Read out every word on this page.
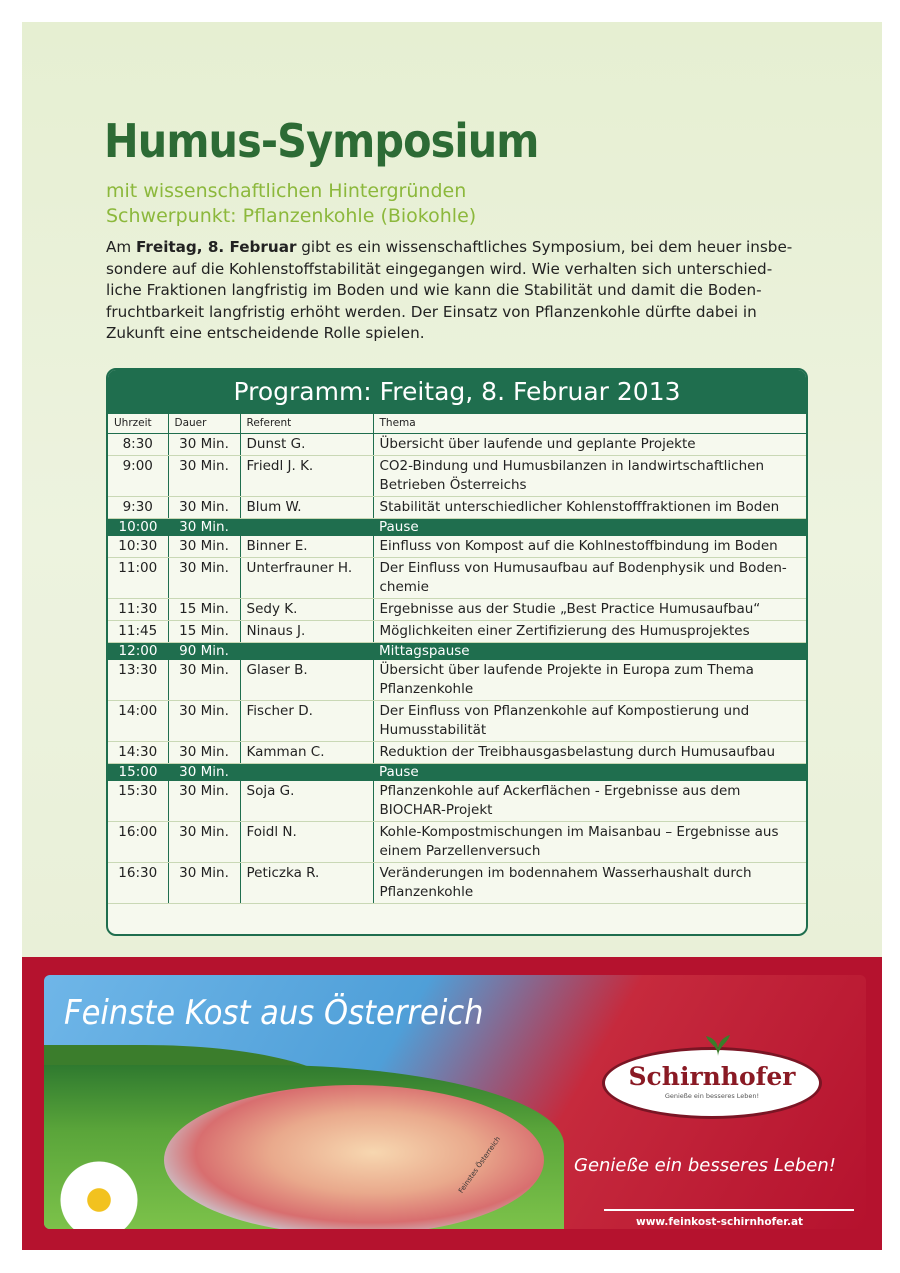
Humus-Symposium
mit wissenschaftlichen Hintergründen
Schwerpunkt: Pflanzenkohle (Biokohle)

Am Freitag, 8. Februar gibt es ein wissenschaftliches Symposium, bei dem heuer insbe-sondere auf die Kohlenstoffstabilität eingegangen wird. Wie verhalten sich unterschied-liche Fraktionen langfristig im Boden und wie kann die Stabilität und damit die Boden-fruchtbarkeit langfristig erhöht werden. Der Einsatz von Pflanzenkohle dürfte dabei in Zukunft eine entscheidende Rolle spielen.

Programm: Freitag, 8. Februar 2013
Uhrzeit	Dauer	Referent	Thema
8:30	30 Min.	Dunst G.	Übersicht über laufende und geplante Projekte
9:00	30 Min.	Friedl J. K.	CO2-Bindung und Humusbilanzen in landwirtschaftlichen Betrieben Österreichs
9:30	30 Min.	Blum W.	Stabilität unterschiedlicher Kohlenstofffraktionen im Boden
10:00	30 Min.		Pause
10:30	30 Min.	Binner E.	Einfluss von Kompost auf die Kohlnestoffbindung im Boden
11:00	30 Min.	Unterfrauner H.	Der Einfluss von Humusaufbau auf Bodenphysik und Boden-chemie
11:30	15 Min.	Sedy K.	Ergebnisse aus der Studie „Best Practice Humusaufbau“
11:45	15 Min.	Ninaus J.	Möglichkeiten einer Zertifizierung des Humusprojektes
12:00	90 Min.		Mittagspause
13:30	30 Min.	Glaser B.	Übersicht über laufende Projekte in Europa zum Thema Pflanzenkohle
14:00	30 Min.	Fischer D.	Der Einfluss von Pflanzenkohle auf Kompostierung und Humusstabilität
14:30	30 Min.	Kamman C.	Reduktion der Treibhausgasbelastung durch Humusaufbau
15:00	30 Min.		Pause
15:30	30 Min.	Soja G.	Pflanzenkohle auf Ackerflächen - Ergebnisse aus dem BIOCHAR-Projekt
16:00	30 Min.	Foidl N.	Kohle-Kompostmischungen im Maisanbau – Ergebnisse aus einem Parzellenversuch
16:30	30 Min.	Peticzka R.	Veränderungen im bodennahem Wasserhaushalt durch Pflanzenkohle
Feinstes Österreich
Feinste Kost aus Österreich
Schirnhofer
Genieße ein besseres Leben!
Genieße ein besseres Leben!
www.feinkost-schirnhofer.at
